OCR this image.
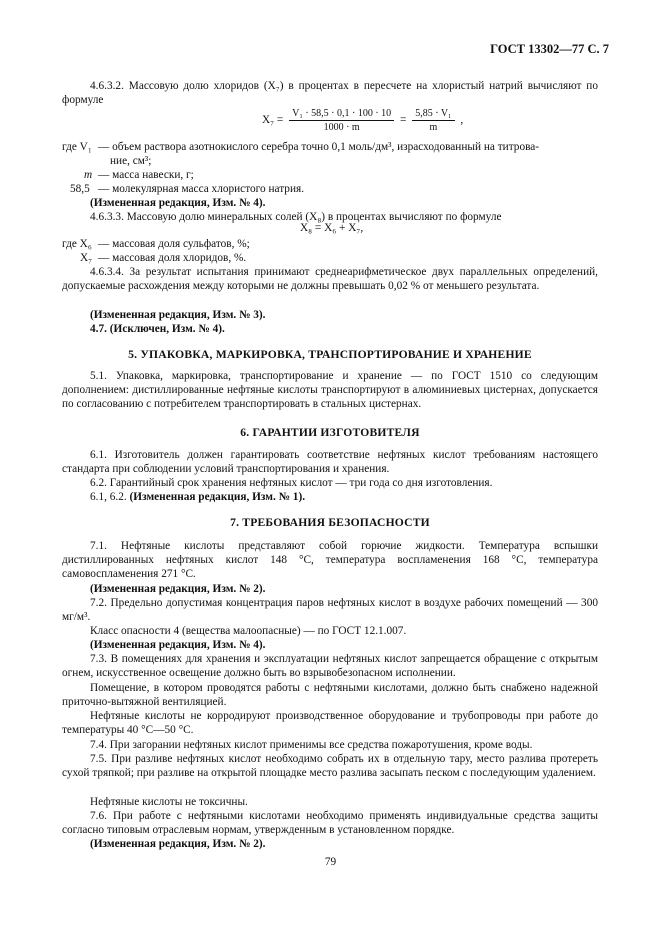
ГОСТ 13302—77 С. 7
4.6.3.2. Массовую долю хлоридов (X₇) в процентах в пересчете на хлористый натрий вычисляют по формуле
$X_7 = \frac{\text{V₁ · 58,5 · 0,1 · 100 · 10}}{1000 \cdot m} = \frac{\text{5,85 · V₁}}{m}$ ,
где V₁ — объем раствора азотнокислого серебра точно 0,1 моль/дм³, израсходованный на титрова-
ние, см³;
m — масса навески, г;
58,5 — молекулярная масса хлористого натрия.
(Измененная редакция, Изм. № 4).
4.6.3.3. Массовую долю минеральных солей (X₈) в процентах вычисляют по формуле
X₈ = X₆ + X₇,
где X₆ — массовая доля сульфатов, %;
X₇ — массовая доля хлоридов, %.
4.6.3.4. За результат испытания принимают среднеарифметическое двух параллельных определений, допускаемые расхождения между которыми не должны превышать 0,02 % от меньшего результата.
(Измененная редакция, Изм. № 3).
4.7. (Исключен, Изм. № 4).
5. УПАКОВКА, МАРКИРОВКА, ТРАНСПОРТИРОВАНИЕ И ХРАНЕНИЕ
5.1. Упаковка, маркировка, транспортирование и хранение — по ГОСТ 1510 со следующим дополнением: дистиллированные нефтяные кислоты транспортируют в алюминиевых цистернах, допускается по согласованию с потребителем транспортировать в стальных цистернах.
6. ГАРАНТИИ ИЗГОТОВИТЕЛЯ
6.1. Изготовитель должен гарантировать соответствие нефтяных кислот требованиям настоящего стандарта при соблюдении условий транспортирования и хранения.
6.2. Гарантийный срок хранения нефтяных кислот — три года со дня изготовления.
6.1, 6.2. (Измененная редакция, Изм. № 1).
7. ТРЕБОВАНИЯ БЕЗОПАСНОСТИ
7.1. Нефтяные кислоты представляют собой горючие жидкости. Температура вспышки дистиллированных нефтяных кислот 148 °С, температура воспламенения 168 °С, температура самовоспламенения 271 °С.
(Измененная редакция, Изм. № 2).
7.2. Предельно допустимая концентрация паров нефтяных кислот в воздухе рабочих помещений — 300 мг/м³.
Класс опасности 4 (вещества малоопасные) — по ГОСТ 12.1.007.
(Измененная редакция, Изм. № 4).
7.3. В помещениях для хранения и эксплуатации нефтяных кислот запрещается обращение с открытым огнем, искусственное освещение должно быть во взрывобезопасном исполнении.
Помещение, в котором проводятся работы с нефтяными кислотами, должно быть снабжено надежной приточно-вытяжной вентиляцией.
Нефтяные кислоты не корродируют производственное оборудование и трубопроводы при работе до температуры 40 °С—50 °С.
7.4. При загорании нефтяных кислот применимы все средства пожаротушения, кроме воды.
7.5. При разливе нефтяных кислот необходимо собрать их в отдельную тару, место разлива протереть сухой тряпкой; при разливе на открытой площадке место разлива засыпать песком с последующим удалением.
Нефтяные кислоты не токсичны.
7.6. При работе с нефтяными кислотами необходимо применять индивидуальные средства защиты согласно типовым отраслевым нормам, утвержденным в установленном порядке.
(Измененная редакция, Изм. № 2).
79
